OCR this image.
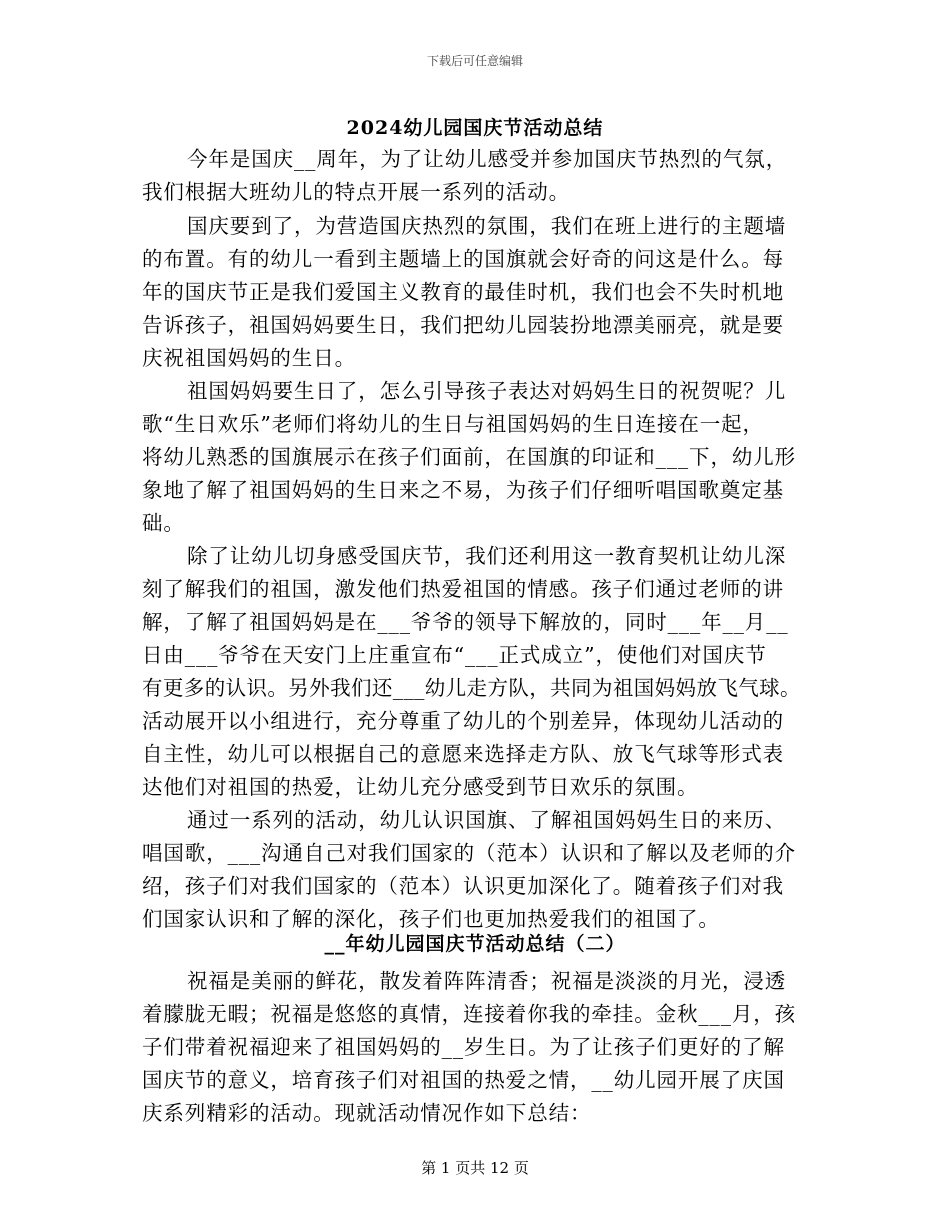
下载后可任意编辑
2024幼儿园国庆节活动总结
今年是国庆__周年，为了让幼儿感受并参加国庆节热烈的气氛，
我们根据大班幼儿的特点开展一系列的活动。
国庆要到了，为营造国庆热烈的氛围，我们在班上进行的主题墙
的布置。有的幼儿一看到主题墙上的国旗就会好奇的问这是什么。每
年的国庆节正是我们爱国主义教育的最佳时机，我们也会不失时机地
告诉孩子，祖国妈妈要生日，我们把幼儿园装扮地漂美丽亮，就是要
庆祝祖国妈妈的生日。
祖国妈妈要生日了，怎么引导孩子表达对妈妈生日的祝贺呢？儿
歌“生日欢乐”老师们将幼儿的生日与祖国妈妈的生日连接在一起，
将幼儿熟悉的国旗展示在孩子们面前，在国旗的印证和___下，幼儿形
象地了解了祖国妈妈的生日来之不易，为孩子们仔细听唱国歌奠定基
础。
除了让幼儿切身感受国庆节，我们还利用这一教育契机让幼儿深
刻了解我们的祖国，激发他们热爱祖国的情感。孩子们通过老师的讲
解，了解了祖国妈妈是在___爷爷的领导下解放的，同时___年__月__
日由___爷爷在天安门上庄重宣布“___正式成立”，使他们对国庆节
有更多的认识。另外我们还___幼儿走方队，共同为祖国妈妈放飞气球。
活动展开以小组进行，充分尊重了幼儿的个别差异，体现幼儿活动的
自主性，幼儿可以根据自己的意愿来选择走方队、放飞气球等形式表
达他们对祖国的热爱，让幼儿充分感受到节日欢乐的氛围。
通过一系列的活动，幼儿认识国旗、了解祖国妈妈生日的来历、
唱国歌，___沟通自己对我们国家的（范本）认识和了解以及老师的介
绍，孩子们对我们国家的（范本）认识更加深化了。随着孩子们对我
们国家认识和了解的深化，孩子们也更加热爱我们的祖国了。
__年幼儿园国庆节活动总结（二）
祝福是美丽的鲜花，散发着阵阵清香；祝福是淡淡的月光，浸透
着朦胧无暇；祝福是悠悠的真情，连接着你我的牵挂。金秋___月，孩
子们带着祝福迎来了祖国妈妈的__岁生日。为了让孩子们更好的了解
国庆节的意义，培育孩子们对祖国的热爱之情，__幼儿园开展了庆国
庆系列精彩的活动。现就活动情况作如下总结：
第 1 页共 12 页
